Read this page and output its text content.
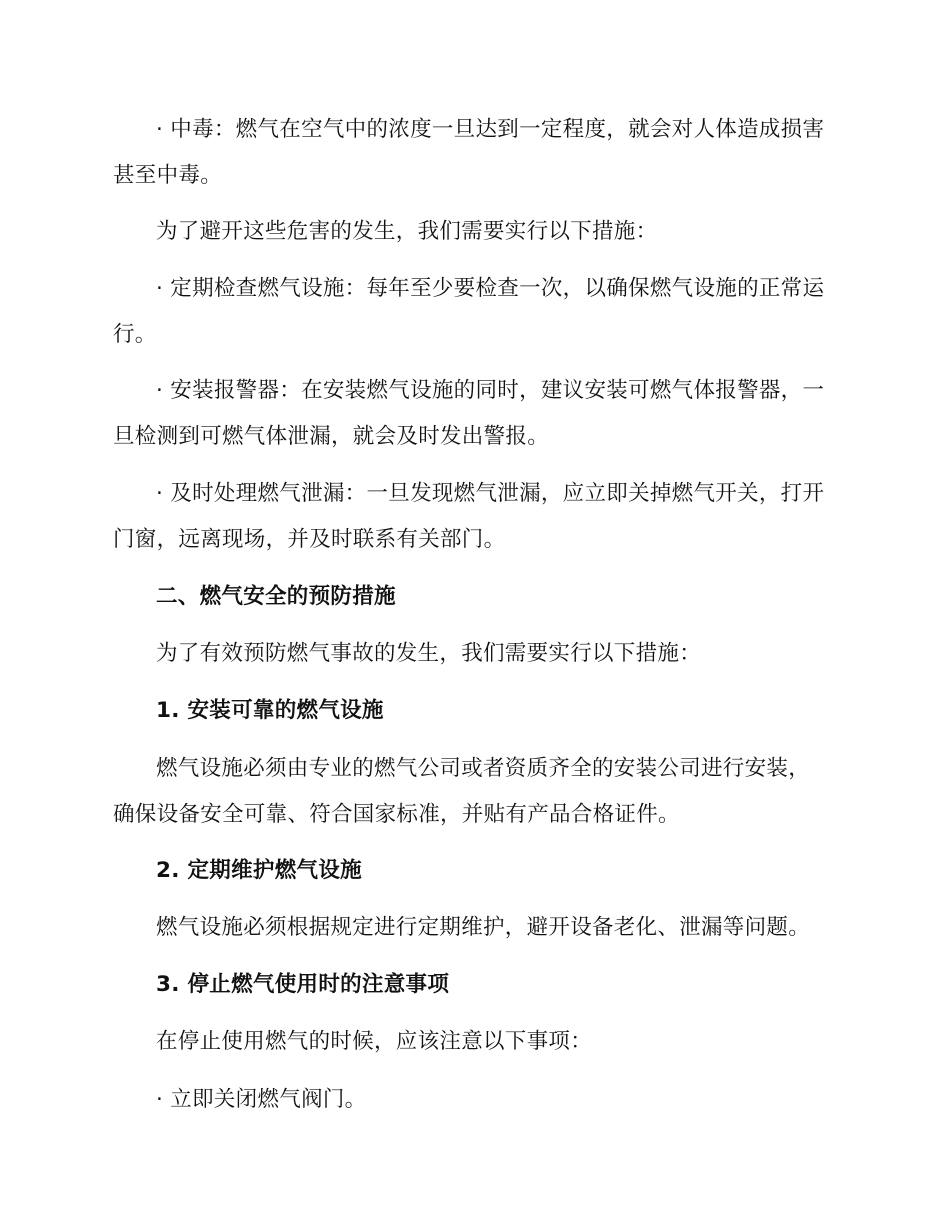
· 中毒：燃气在空气中的浓度一旦达到一定程度，就会对人体造成损害甚至中毒。

为了避开这些危害的发生，我们需要实行以下措施：

· 定期检查燃气设施：每年至少要检查一次，以确保燃气设施的正常运行。

· 安装报警器：在安装燃气设施的同时，建议安装可燃气体报警器，一旦检测到可燃气体泄漏，就会及时发出警报。

· 及时处理燃气泄漏：一旦发现燃气泄漏，应立即关掉燃气开关，打开门窗，远离现场，并及时联系有关部门。

二、燃气安全的预防措施

为了有效预防燃气事故的发生，我们需要实行以下措施：

1. 安装可靠的燃气设施

燃气设施必须由专业的燃气公司或者资质齐全的安装公司进行安装，确保设备安全可靠、符合国家标准，并贴有产品合格证件。

2. 定期维护燃气设施

燃气设施必须根据规定进行定期维护，避开设备老化、泄漏等问题。

3. 停止燃气使用时的注意事项

在停止使用燃气的时候，应该注意以下事项：

· 立即关闭燃气阀门。
